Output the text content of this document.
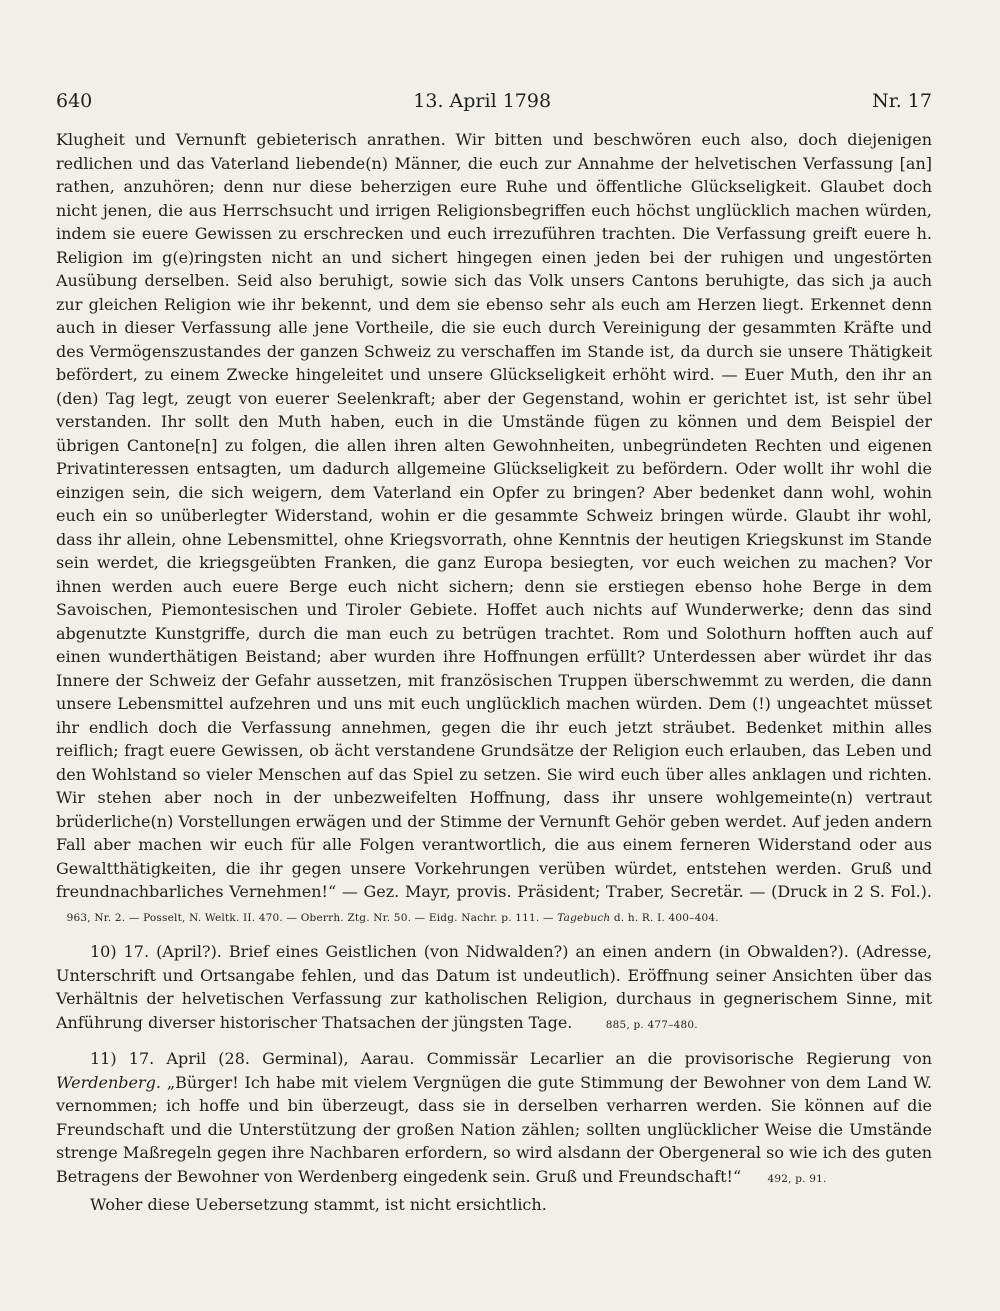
640	13. April 1798	Nr. 17

Klugheit und Vernunft gebieterisch anrathen. Wir bitten und beschwören euch also, doch diejenigen redlichen und das Vaterland liebende(n) Männer, die euch zur Annahme der helvetischen Verfassung [an] rathen, anzuhören; denn nur diese beherzigen eure Ruhe und öffentliche Glückseligkeit. Glaubet doch nicht jenen, die aus Herrschsucht und irrigen Religionsbegriffen euch höchst unglücklich machen würden, indem sie euere Gewissen zu erschrecken und euch irrezuführen trachten. Die Verfassung greift euere h. Religion im g(e)ringsten nicht an und sichert hingegen einen jeden bei der ruhigen und ungestörten Ausübung derselben. Seid also beruhigt, sowie sich das Volk unsers Cantons beruhigte, das sich ja auch zur gleichen Religion wie ihr bekennt, und dem sie ebenso sehr als euch am Herzen liegt. Erkennet denn auch in dieser Verfassung alle jene Vortheile, die sie euch durch Vereinigung der gesammten Kräfte und des Vermögenszustandes der ganzen Schweiz zu verschaffen im Stande ist, da durch sie unsere Thätigkeit befördert, zu einem Zwecke hingeleitet und unsere Glückseligkeit erhöht wird. — Euer Muth, den ihr an (den) Tag legt, zeugt von euerer Seelenkraft; aber der Gegenstand, wohin er gerichtet ist, ist sehr übel verstanden. Ihr sollt den Muth haben, euch in die Umstände fügen zu können und dem Beispiel der übrigen Cantone[n] zu folgen, die allen ihren alten Gewohnheiten, unbegründeten Rechten und eigenen Privatinteressen entsagten, um dadurch allgemeine Glückseligkeit zu befördern. Oder wollt ihr wohl die einzigen sein, die sich weigern, dem Vaterland ein Opfer zu bringen? Aber bedenket dann wohl, wohin euch ein so unüberlegter Widerstand, wohin er die gesammte Schweiz bringen würde. Glaubt ihr wohl, dass ihr allein, ohne Lebensmittel, ohne Kriegsvorrath, ohne Kenntnis der heutigen Kriegskunst im Stande sein werdet, die kriegsgeübten Franken, die ganz Europa besiegten, vor euch weichen zu machen? Vor ihnen werden auch euere Berge euch nicht sichern; denn sie erstiegen ebenso hohe Berge in dem Savoischen, Piemontesischen und Tiroler Gebiete. Hoffet auch nichts auf Wunderwerke; denn das sind abgenutzte Kunstgriffe, durch die man euch zu betrügen trachtet. Rom und Solothurn hofften auch auf einen wunderthätigen Beistand; aber wurden ihre Hoffnungen erfüllt? Unterdessen aber würdet ihr das Innere der Schweiz der Gefahr aussetzen, mit französischen Truppen überschwemmt zu werden, die dann unsere Lebensmittel aufzehren und uns mit euch unglücklich machen würden. Dem (!) ungeachtet müsset ihr endlich doch die Verfassung annehmen, gegen die ihr euch jetzt sträubet. Bedenket mithin alles reiflich; fragt euere Gewissen, ob ächt verstandene Grundsätze der Religion euch erlauben, das Leben und den Wohlstand so vieler Menschen auf das Spiel zu setzen. Sie wird euch über alles anklagen und richten. Wir stehen aber noch in der unbezweifelten Hoffnung, dass ihr unsere wohlgemeinte(n) vertraut brüderliche(n) Vorstellungen erwägen und der Stimme der Vernunft Gehör geben werdet. Auf jeden andern Fall aber machen wir euch für alle Folgen verantwortlich, die aus einem ferneren Widerstand oder aus Gewaltthätigkeiten, die ihr gegen unsere Vorkehrungen verüben würdet, entstehen werden. Gruß und freundnachbarliches Vernehmen!“ — Gez. Mayr, provis. Präsident; Traber, Secretär. — (Druck in 2 S. Fol.).    963, Nr. 2. — Posselt, N. Weltk. II. 470. — Oberrh. Ztg. Nr. 50. — Eidg. Nachr. p. 111. — Tagebuch d. h. R. I. 400–404.

10) 17. (April?). Brief eines Geistlichen (von Nidwalden?) an einen andern (in Obwalden?). (Adresse, Unterschrift und Ortsangabe fehlen, und das Datum ist undeutlich). Eröffnung seiner Ansichten über das Verhältnis der helvetischen Verfassung zur katholischen Religion, durchaus in gegnerischem Sinne, mit Anführung diverser historischer Thatsachen der jüngsten Tage.	885, p. 477–480.

11) 17. April (28. Germinal), Aarau. Commissär Lecarlier an die provisorische Regierung von Werdenberg. „Bürger! Ich habe mit vielem Vergnügen die gute Stimmung der Bewohner von dem Land W. vernommen; ich hoffe und bin überzeugt, dass sie in derselben verharren werden. Sie können auf die Freundschaft und die Unterstützung der großen Nation zählen; sollten unglücklicher Weise die Umstände strenge Maßregeln gegen ihre Nachbaren erfordern, so wird alsdann der Obergeneral so wie ich des guten Betragens der Bewohner von Werdenberg eingedenk sein. Gruß und Freundschaft!“	492, p. 91.

Woher diese Uebersetzung stammt, ist nicht ersichtlich.
